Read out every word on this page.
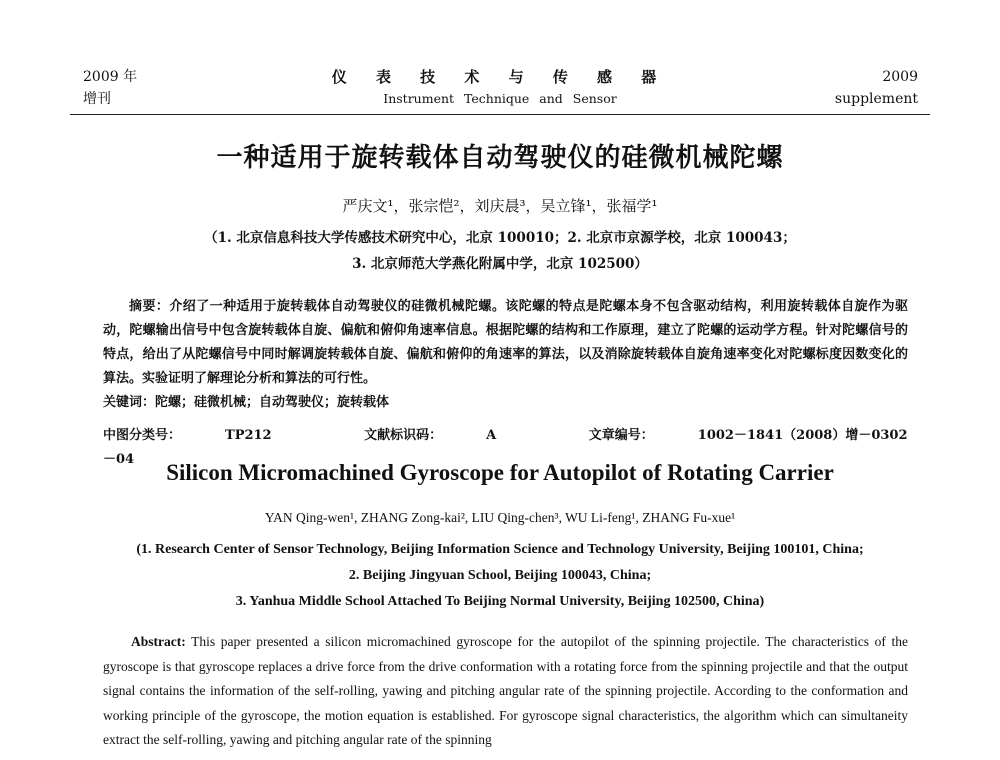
2009 年
增刊
仪 表 技 术 与 传 感 器
Instrument Technique and Sensor
2009
supplement
一种适用于旋转载体自动驾驶仪的硅微机械陀螺
严庆文¹，张宗恺²，刘庆晨³，吴立锋¹，张福学¹
（1. 北京信息科技大学传感技术研究中心，北京 100010；2. 北京市京源学校，北京 100043；
3. 北京师范大学燕化附属中学，北京 102500）
摘要：介绍了一种适用于旋转载体自动驾驶仪的硅微机械陀螺。该陀螺的特点是陀螺本身不包含驱动结构，利用旋转载体自旋作为驱动，陀螺输出信号中包含旋转载体自旋、偏航和俯仰角速率信息。根据陀螺的结构和工作原理，建立了陀螺的运动学方程。针对陀螺信号的特点，给出了从陀螺信号中同时解调旋转载体自旋、偏航和俯仰的角速率的算法，以及消除旋转载体自旋角速率变化对陀螺标度因数变化的算法。实验证明了解理论分析和算法的可行性。
关键词：陀螺；硅微机械；自动驾驶仪；旋转载体
中图分类号：	TP212	文献标识码：	A	文章编号：	1002－1841（2008）增－0302－04
Silicon Micromachined Gyroscope for Autopilot of Rotating Carrier
YAN Qing-wen¹, ZHANG Zong-kai², LIU Qing-chen³, WU Li-feng¹, ZHANG Fu-xue¹
(1. Research Center of Sensor Technology, Beijing Information Science and Technology University, Beijing 100101, China;
2. Beijing Jingyuan School, Beijing 100043, China;
3. Yanhua Middle School Attached To Beijing Normal University, Beijing 102500, China)
Abstract: This paper presented a silicon micromachined gyroscope for the autopilot of the spinning projectile. The characteristics of the gyroscope is that gyroscope replaces a drive force from the drive conformation with a rotating force from the spinning projectile and that the output signal contains the information of the self-rolling, yawing and pitching angular rate of the spinning projectile. According to the conformation and working principle of the gyroscope, the motion equation is established. For gyroscope signal characteristics, the algorithm which can simultaneity extract the self-rolling, yawing and pitching angular rate of the spinning
